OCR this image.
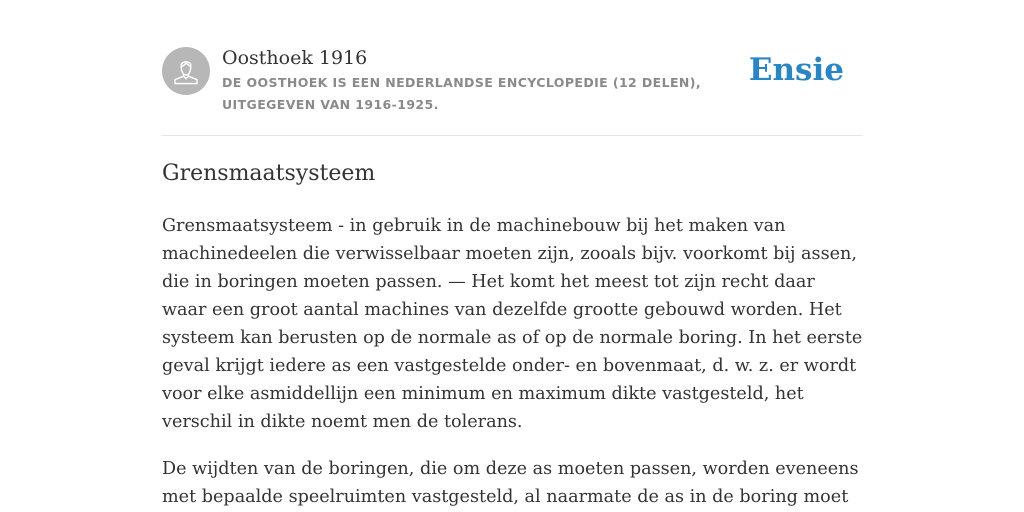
Oosthoek 1916
DE OOSTHOEK IS EEN NEDERLANDSE ENCYCLOPEDIE (12 DELEN), UITGEGEVEN VAN 1916-1925.
Ensie
Grensmaatsysteem

Grensmaatsysteem - in gebruik in de machinebouw bij het maken van machinedeelen die verwisselbaar moeten zijn, zooals bijv. voorkomt bij assen, die in boringen moeten passen. — Het komt het meest tot zijn recht daar waar een groot aantal machines van dezelfde grootte gebouwd worden. Het systeem kan berusten op de normale as of op de normale boring. In het eerste geval krijgt iedere as een vastgestelde onder- en bovenmaat, d. w. z. er wordt voor elke asmiddellijn een minimum en maximum dikte vastgesteld, het verschil in dikte noemt men de tolerans.

De wijdten van de boringen, die om deze as moeten passen, worden eveneens met bepaalde speelruimten vastgesteld, al naarmate de as in de boring moet
